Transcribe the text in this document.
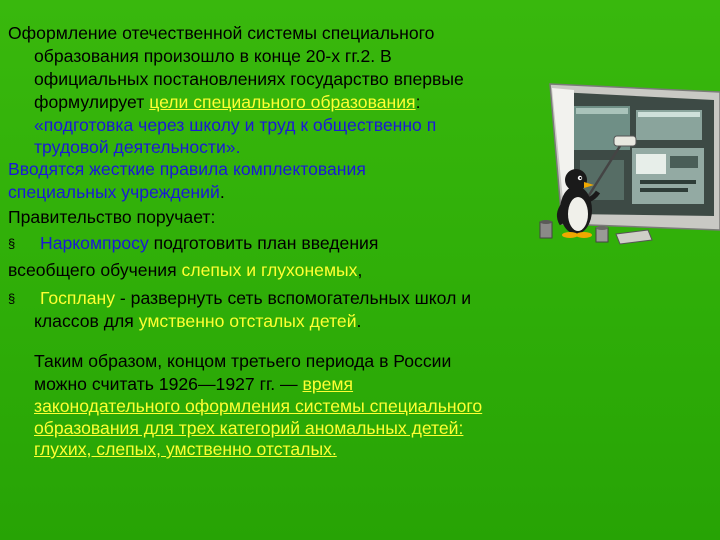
Оформление отечественной системы специального
образования произошло в конце 20-х гг.2. В
официальных постановлениях государство впервые
формулирует цели специального образования:
«подготовка через школу и труд к общественно п
трудовой деятельности».
Вводятся жесткие правила комплектования
специальных учреждений.
Правительство поручает:
§ Наркомпросу подготовить план введения
всеобщего обучения слепых и глухонемых,
§ Госплану - развернуть сеть вспомогательных школ и
классов для умственно отсталых детей.
Таким образом, концом третьего периода в России
можно считать 1926—1927 гг. — время
законодательного оформления системы специального
образования для трех категорий аномальных детей:
глухих, слепых, умственно отсталых.
